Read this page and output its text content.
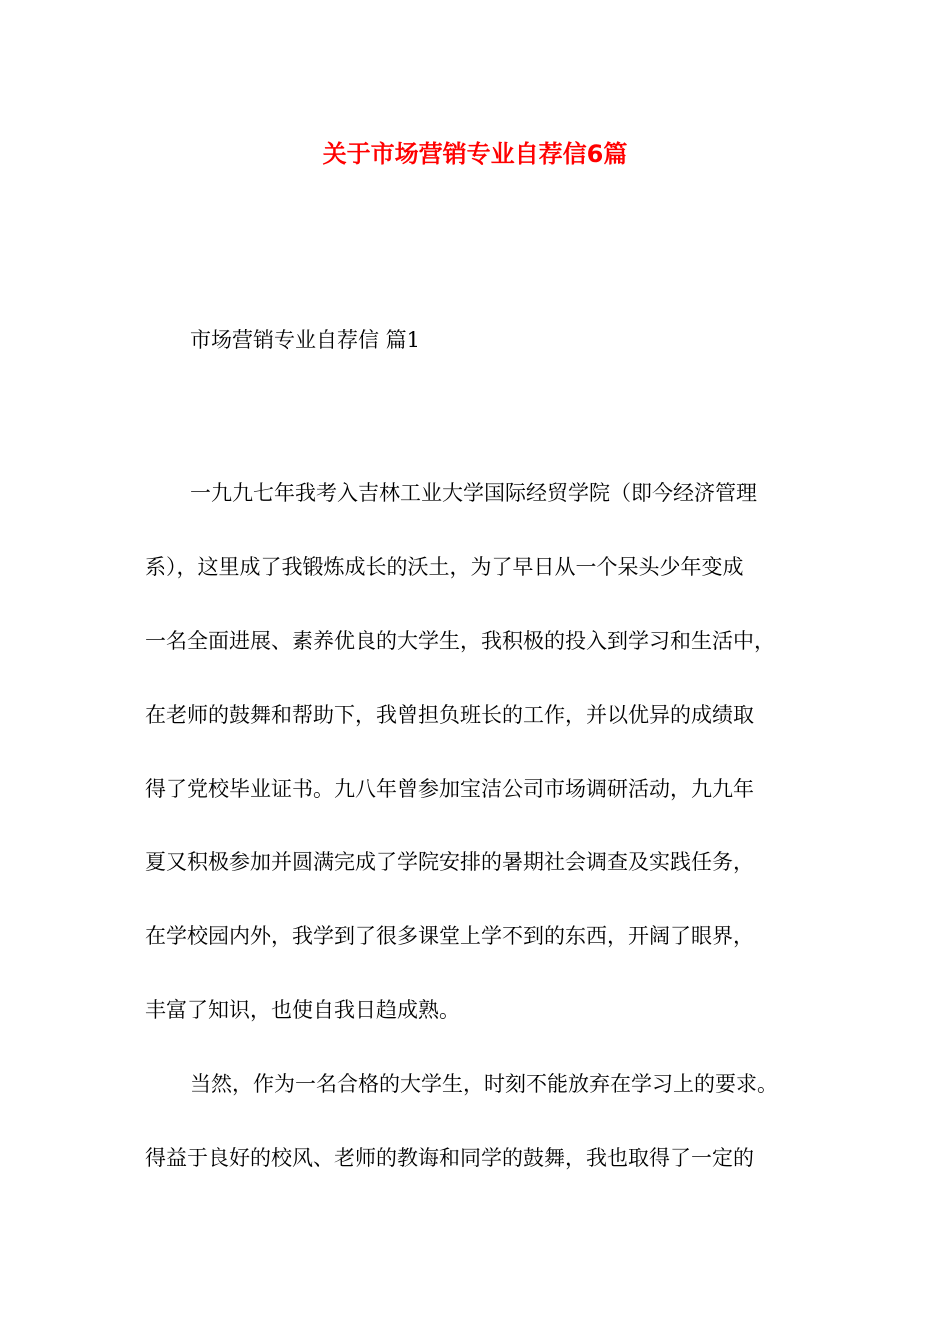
关于市场营销专业自荐信6篇

市场营销专业自荐信 篇1

一九九七年我考入吉林工业大学国际经贸学院（即今经济管理
系），这里成了我锻炼成长的沃土，为了早日从一个呆头少年变成
一名全面进展、素养优良的大学生，我积极的投入到学习和生活中，
在老师的鼓舞和帮助下，我曾担负班长的工作，并以优异的成绩取
得了党校毕业证书。九八年曾参加宝洁公司市场调研活动，九九年
夏又积极参加并圆满完成了学院安排的暑期社会调查及实践任务，
在学校园内外，我学到了很多课堂上学不到的东西，开阔了眼界，
丰富了知识，也使自我日趋成熟。
当然，作为一名合格的大学生，时刻不能放弃在学习上的要求。
得益于良好的校风、老师的教诲和同学的鼓舞，我也取得了一定的
